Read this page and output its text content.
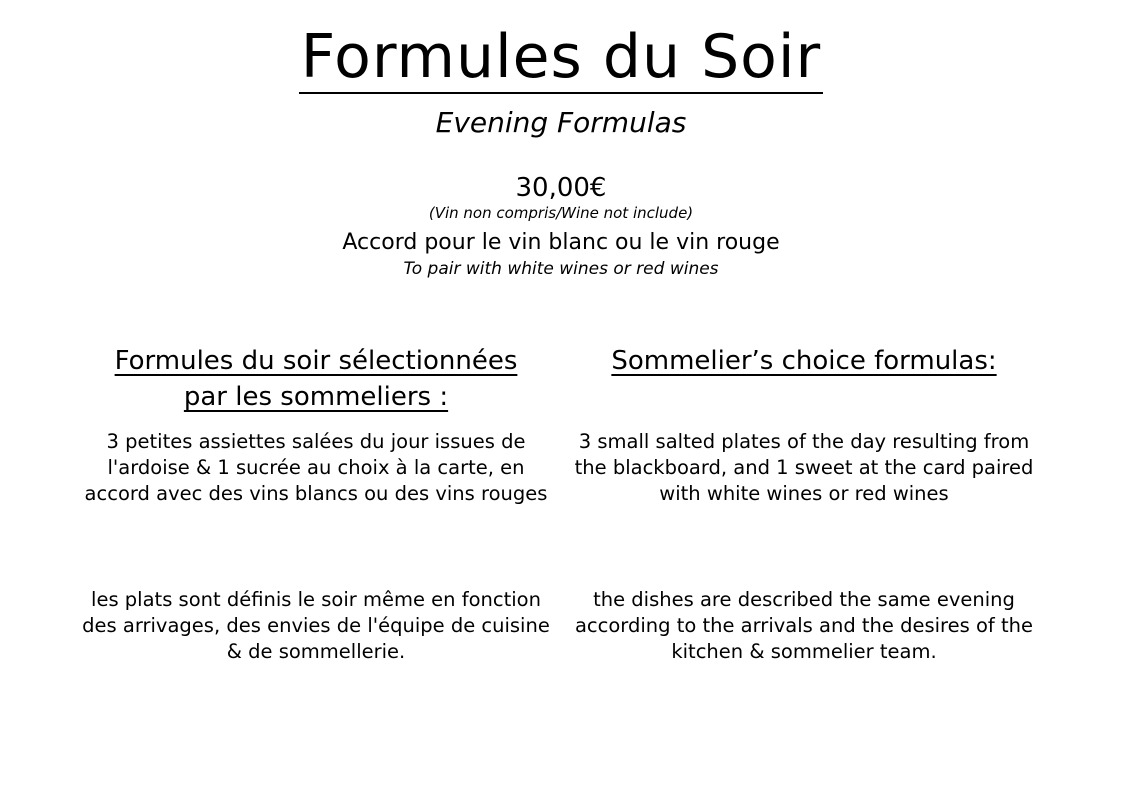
Formules du Soir
Evening Formulas
30,00€
(Vin non compris/Wine not include)
Accord pour le vin blanc ou le vin rouge
To pair with white wines or red wines
Formules du soir sélectionnées
par les sommeliers :

3 petites assiettes salées du jour issues de l'ardoise & 1 sucrée au choix à la carte, en accord avec des vins blancs ou des vins rouges

les plats sont définis le soir même en fonction des arrivages, des envies de l'équipe de cuisine & de sommellerie.

Sommelier’s choice formulas:

3 small salted plates of the day resulting from the blackboard, and 1 sweet at the card paired with white wines or red wines

the dishes are described the same evening according to the arrivals and the desires of the kitchen & sommelier team.
